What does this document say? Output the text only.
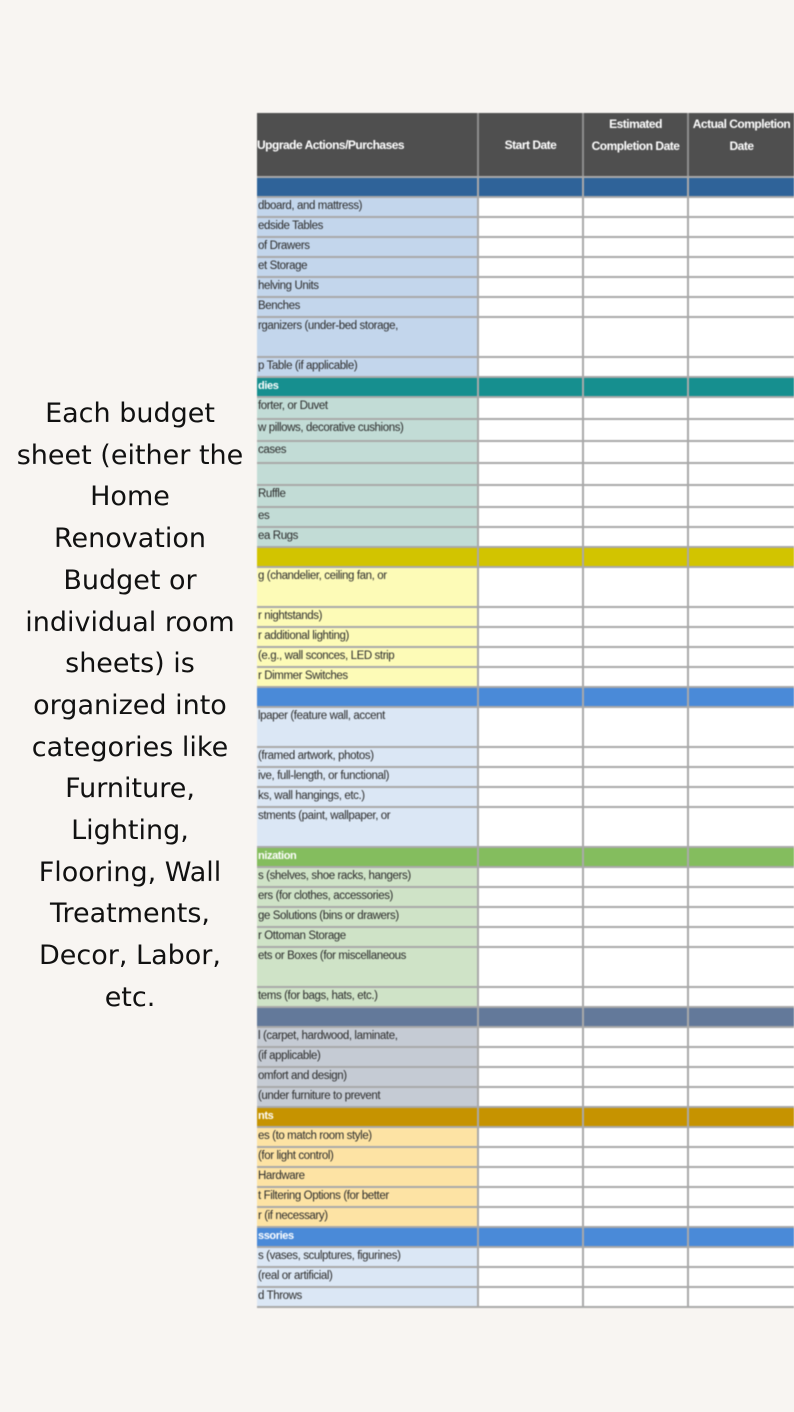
Each budget sheet (either the Home Renovation Budget or individual room sheets) is organized into categories like Furniture, Lighting, Flooring, Wall Treatments, Decor, Labor, etc.
Upgrade Actions/Purchases	Start Date
Estimated Completion Date
Actual Completion Date
dboard, and mattress)
edside Tables
of Drawers
et Storage
helving Units
Benches
rganizers (under-bed storage,
p Table (if applicable)
dies
forter, or Duvet
w pillows, decorative cushions)
cases
Ruffle
es
ea Rugs
g (chandelier, ceiling fan, or
r nightstands)
r additional lighting)
(e.g., wall sconces, LED strip
r Dimmer Switches
lpaper (feature wall, accent
(framed artwork, photos)
ive, full-length, or functional)
ks, wall hangings, etc.)
stments (paint, wallpaper, or
nization
s (shelves, shoe racks, hangers)
ers (for clothes, accessories)
ge Solutions (bins or drawers)
r Ottoman Storage
ets or Boxes (for miscellaneous
tems (for bags, hats, etc.)
l (carpet, hardwood, laminate,
(if applicable)
omfort and design)
(under furniture to prevent
nts
es (to match room style)
(for light control)
Hardware
t Filtering Options (for better
r (if necessary)
ssories
s (vases, sculptures, figurines)
(real or artificial)
d Throws
